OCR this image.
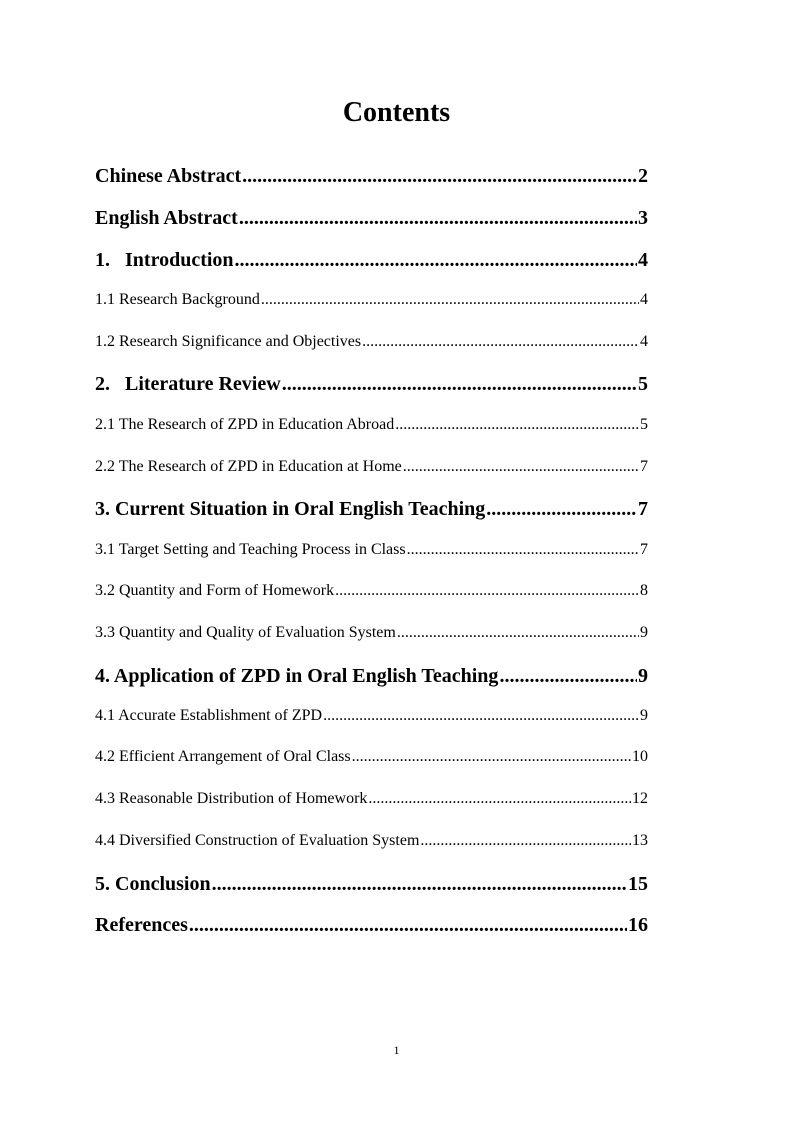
Contents
Chinese Abstract .....	2
English Abstract .....	3
1.   Introduction .....	4
1.1 Research Background .....	4
1.2 Research Significance and Objectives .....	4
2.   Literature Review .....	5
2.1 The Research of ZPD in Education Abroad .....	5
2.2 The Research of ZPD in Education at Home .....	7
3. Current Situation in Oral English Teaching .....	7
3.1 Target Setting and Teaching Process in Class .....	7
3.2 Quantity and Form of Homework .....	8
3.3 Quantity and Quality of Evaluation System .....	9
4. Application of ZPD in Oral English Teaching .....	9
4.1 Accurate Establishment of ZPD .....	9
4.2 Efficient Arrangement of Oral Class .....	10
4.3 Reasonable Distribution of Homework .....	12
4.4 Diversified Construction of Evaluation System .....	13
5. Conclusion .....	15
References .....	16
1
